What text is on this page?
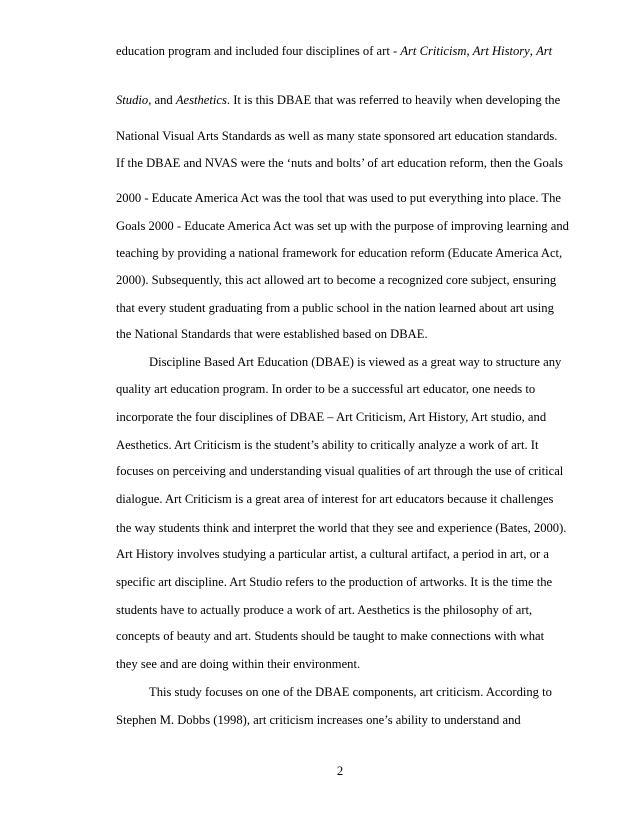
education program and included four disciplines of art - Art Criticism, Art History, Art
Studio, and Aesthetics. It is this DBAE that was referred to heavily when developing the
National Visual Arts Standards as well as many state sponsored art education standards.
If the DBAE and NVAS were the ‘nuts and bolts’ of art education reform, then the Goals
2000 - Educate America Act was the tool that was used to put everything into place. The
Goals 2000 - Educate America Act was set up with the purpose of improving learning and
teaching by providing a national framework for education reform (Educate America Act,
2000). Subsequently, this act allowed art to become a recognized core subject, ensuring
that every student graduating from a public school in the nation learned about art using
the National Standards that were established based on DBAE.
Discipline Based Art Education (DBAE) is viewed as a great way to structure any
quality art education program. In order to be a successful art educator, one needs to
incorporate the four disciplines of DBAE – Art Criticism, Art History, Art studio, and
Aesthetics. Art Criticism is the student’s ability to critically analyze a work of art. It
focuses on perceiving and understanding visual qualities of art through the use of critical
dialogue. Art Criticism is a great area of interest for art educators because it challenges
the way students think and interpret the world that they see and experience (Bates, 2000).
Art History involves studying a particular artist, a cultural artifact, a period in art, or a
specific art discipline. Art Studio refers to the production of artworks. It is the time the
students have to actually produce a work of art. Aesthetics is the philosophy of art,
concepts of beauty and art. Students should be taught to make connections with what
they see and are doing within their environment.
This study focuses on one of the DBAE components, art criticism. According to
Stephen M. Dobbs (1998), art criticism increases one’s ability to understand and
2
